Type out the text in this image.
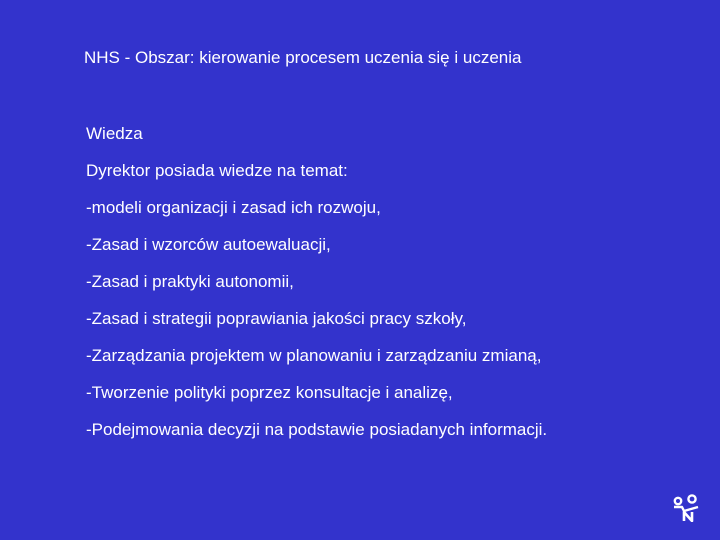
NHS - Obszar: kierowanie procesem uczenia się i uczenia

Wiedza

Dyrektor posiada wiedze na temat:

-modeli organizacji i zasad ich rozwoju,

-Zasad i wzorców autoewaluacji,

-Zasad i praktyki autonomii,

-Zasad i strategii poprawiania jakości pracy szkoły,

-Zarządzania projektem w planowaniu i zarządzaniu zmianą,

-Tworzenie polityki poprzez konsultacje i analizę,

-Podejmowania decyzji na podstawie posiadanych informacji.
